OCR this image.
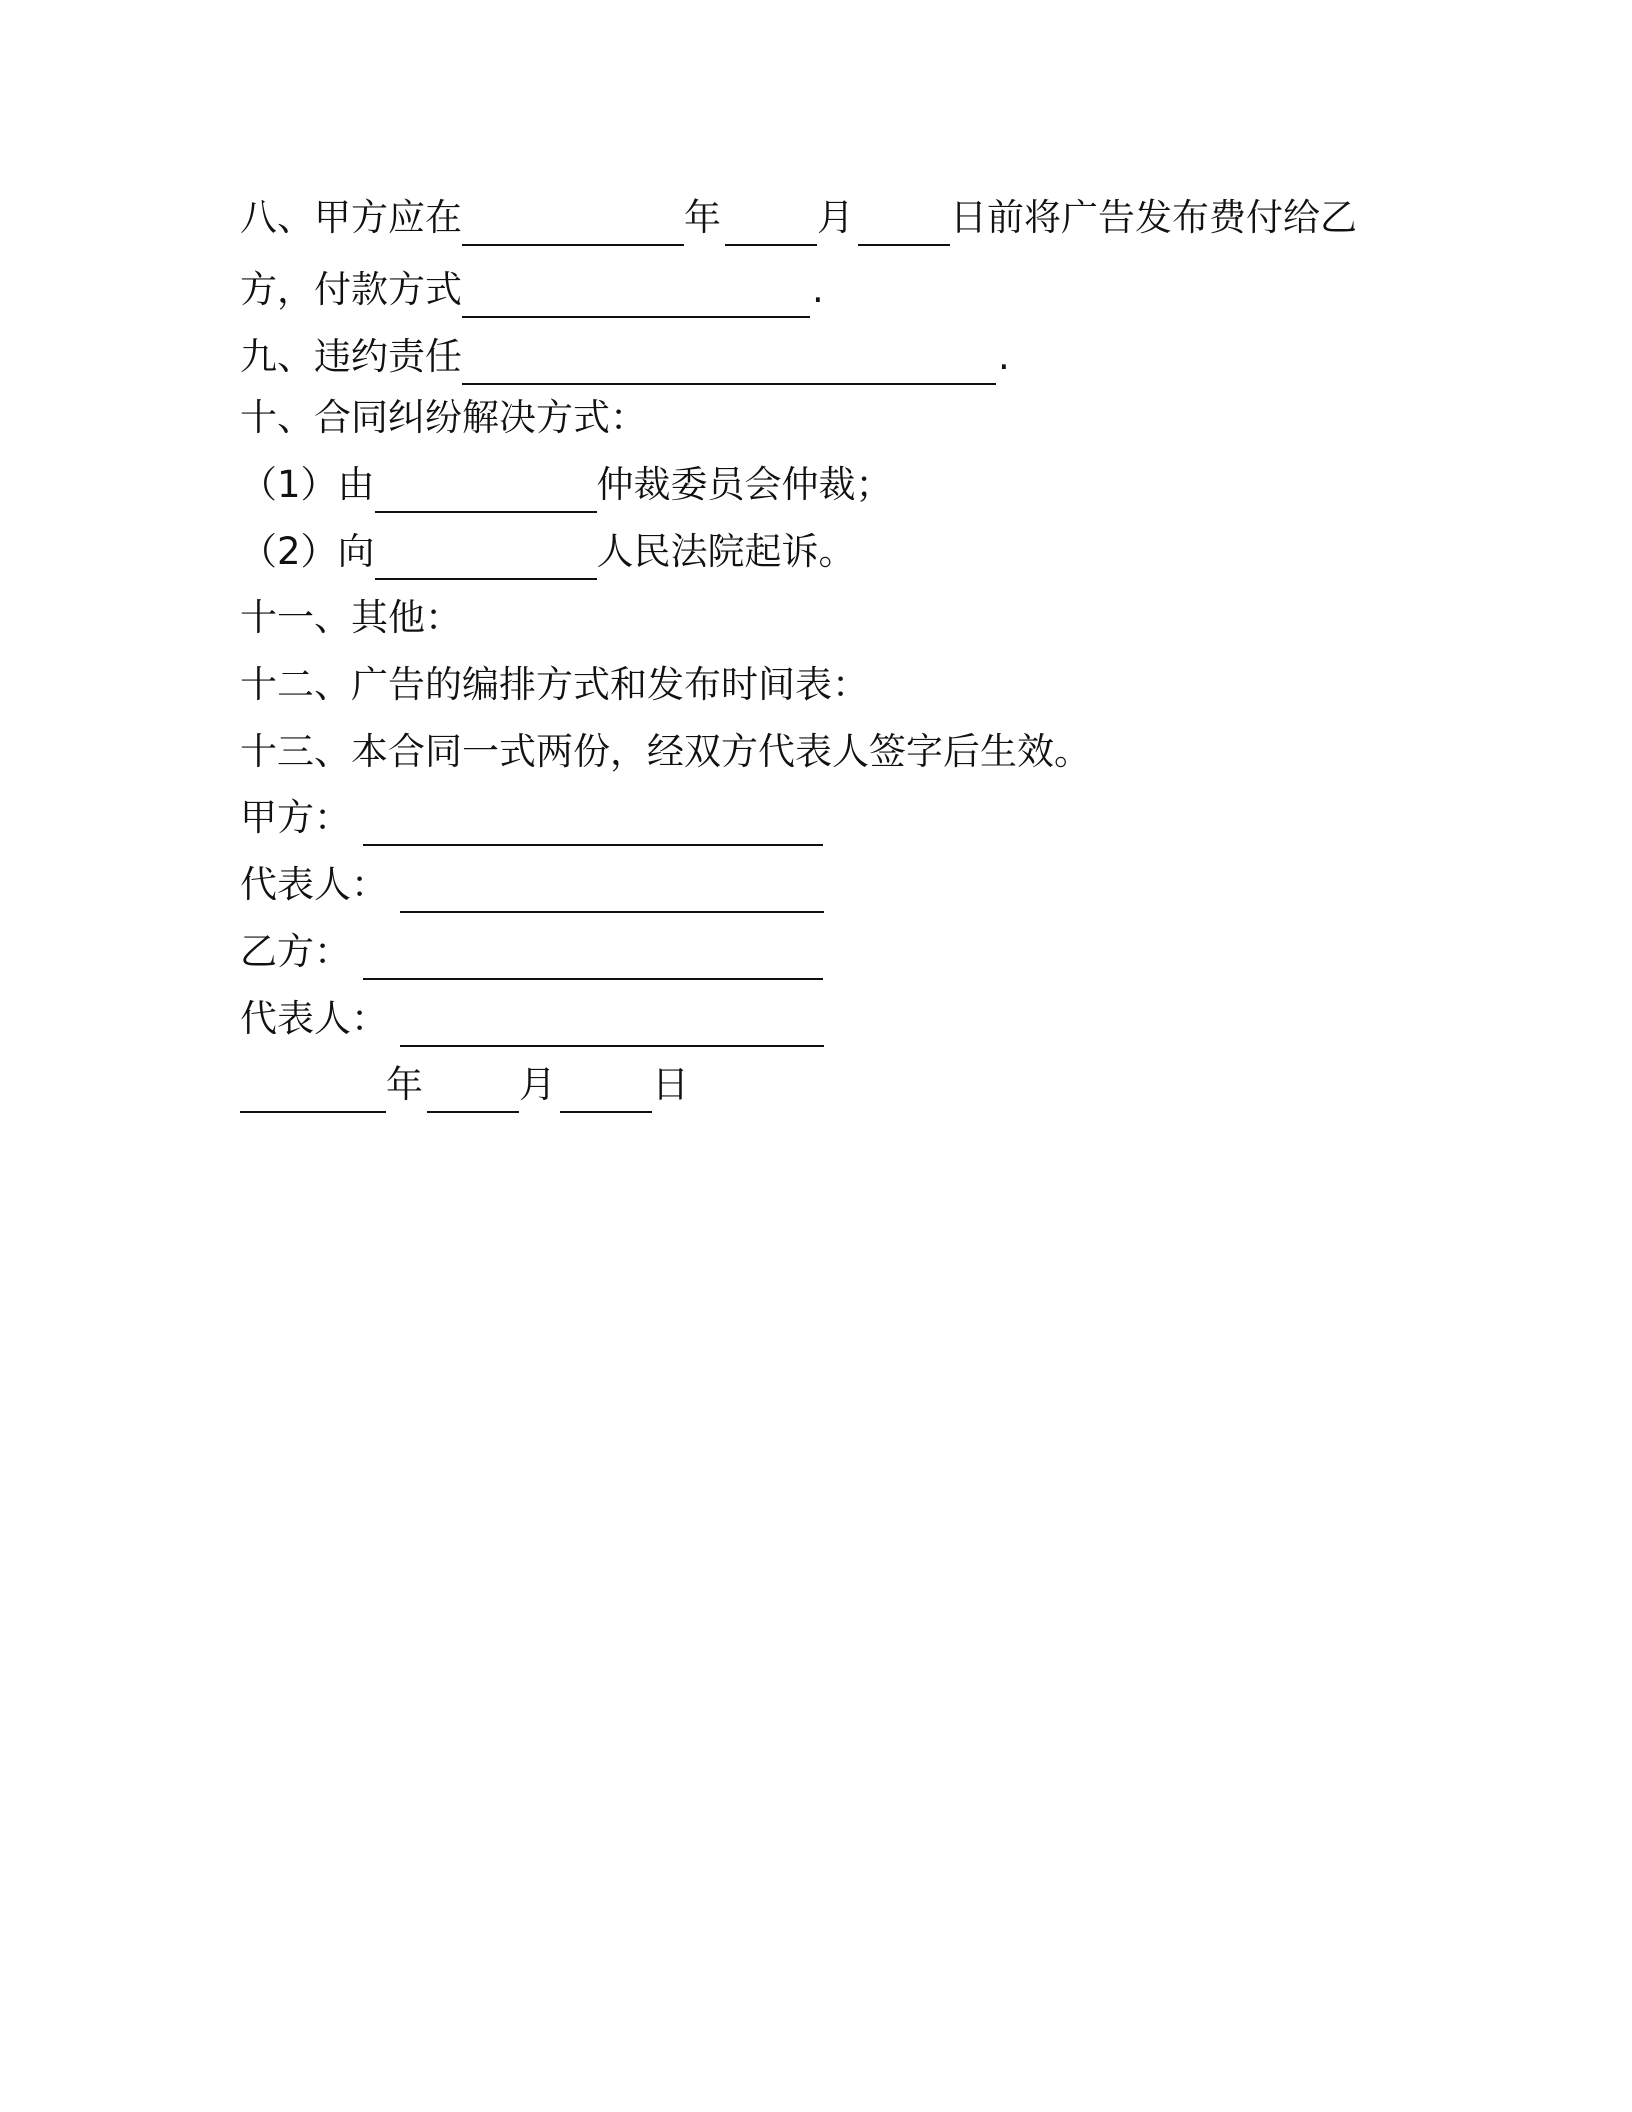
八、甲方应在	年	月	日前将广告发布费付给乙
方，付款方式	.
九、违约责任	.
十、合同纠纷解决方式：
（1）由	仲裁委员会仲裁；
（2）向	人民法院起诉。
十一、其他：
十二、广告的编排方式和发布时间表：
十三、本合同一式两份，经双方代表人签字后生效。
甲方：
代表人：
乙方：
代表人：
年	月	日
